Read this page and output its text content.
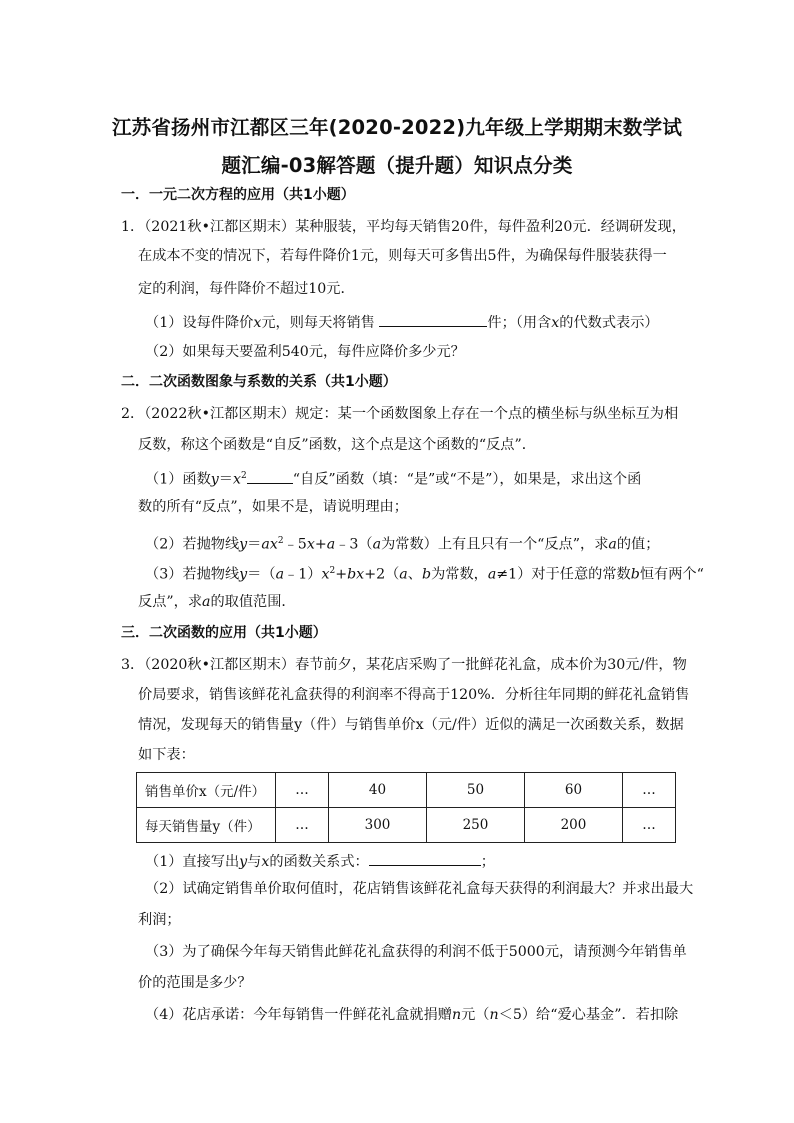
江苏省扬州市江都区三年(2020-2022)九年级上学期期末数学试
题汇编-03解答题（提升题）知识点分类
一．一元二次方程的应用（共1小题）
1．（2021秋•江都区期末）某种服装，平均每天销售20件，每件盈利20元．经调研发现，
在成本不变的情况下，若每件降价1元，则每天可多售出5件，为确保每件服装获得一
定的利润，每件降价不超过10元．
（1）设每件降价x元，则每天将销售	件；（用含x的代数式表示）
（2）如果每天要盈利540元，每件应降价多少元？
二．二次函数图象与系数的关系（共1小题）
2．（2022秋•江都区期末）规定：某一个函数图象上存在一个点的横坐标与纵坐标互为相
反数，称这个函数是“自反”函数，这个点是这个函数的“反点”．
（1）函数$y=x^2$	“自反”函数（填：“是”或“不是”），如果是，求出这个函
数的所有“反点”，如果不是，请说明理由；
（2）若抛物线$y=ax^2﹣5x+a﹣3(a$为常数）上有且只有一个“反点”，求a的值；
（3）若抛物线$y=(a﹣1)x^2+bx+2(a$、b为常数，a≠1）对于任意的常数b恒有两个“
反点”，求a的取值范围．
三．二次函数的应用（共1小题）
3．（2020秋•江都区期末）春节前夕，某花店采购了一批鲜花礼盒，成本价为30元/件，物
价局要求，销售该鲜花礼盒获得的利润率不得高于120%．分析往年同期的鲜花礼盒销售
情况，发现每天的销售量y（件）与销售单价x（元/件）近似的满足一次函数关系，数据
如下表：
销售单价x（元/件）	…	40	50	60	…
每天销售量y（件）	…	300	250	200	…
（1）直接写出y与x的函数关系式：	；
（2）试确定销售单价取何值时，花店销售该鲜花礼盒每天获得的利润最大？并求出最大
利润；
（3）为了确保今年每天销售此鲜花礼盒获得的利润不低于5000元，请预测今年销售单
价的范围是多少？
（4）花店承诺：今年每销售一件鲜花礼盒就捐赠n元（n＜5）给“爱心基金”．若扣除
